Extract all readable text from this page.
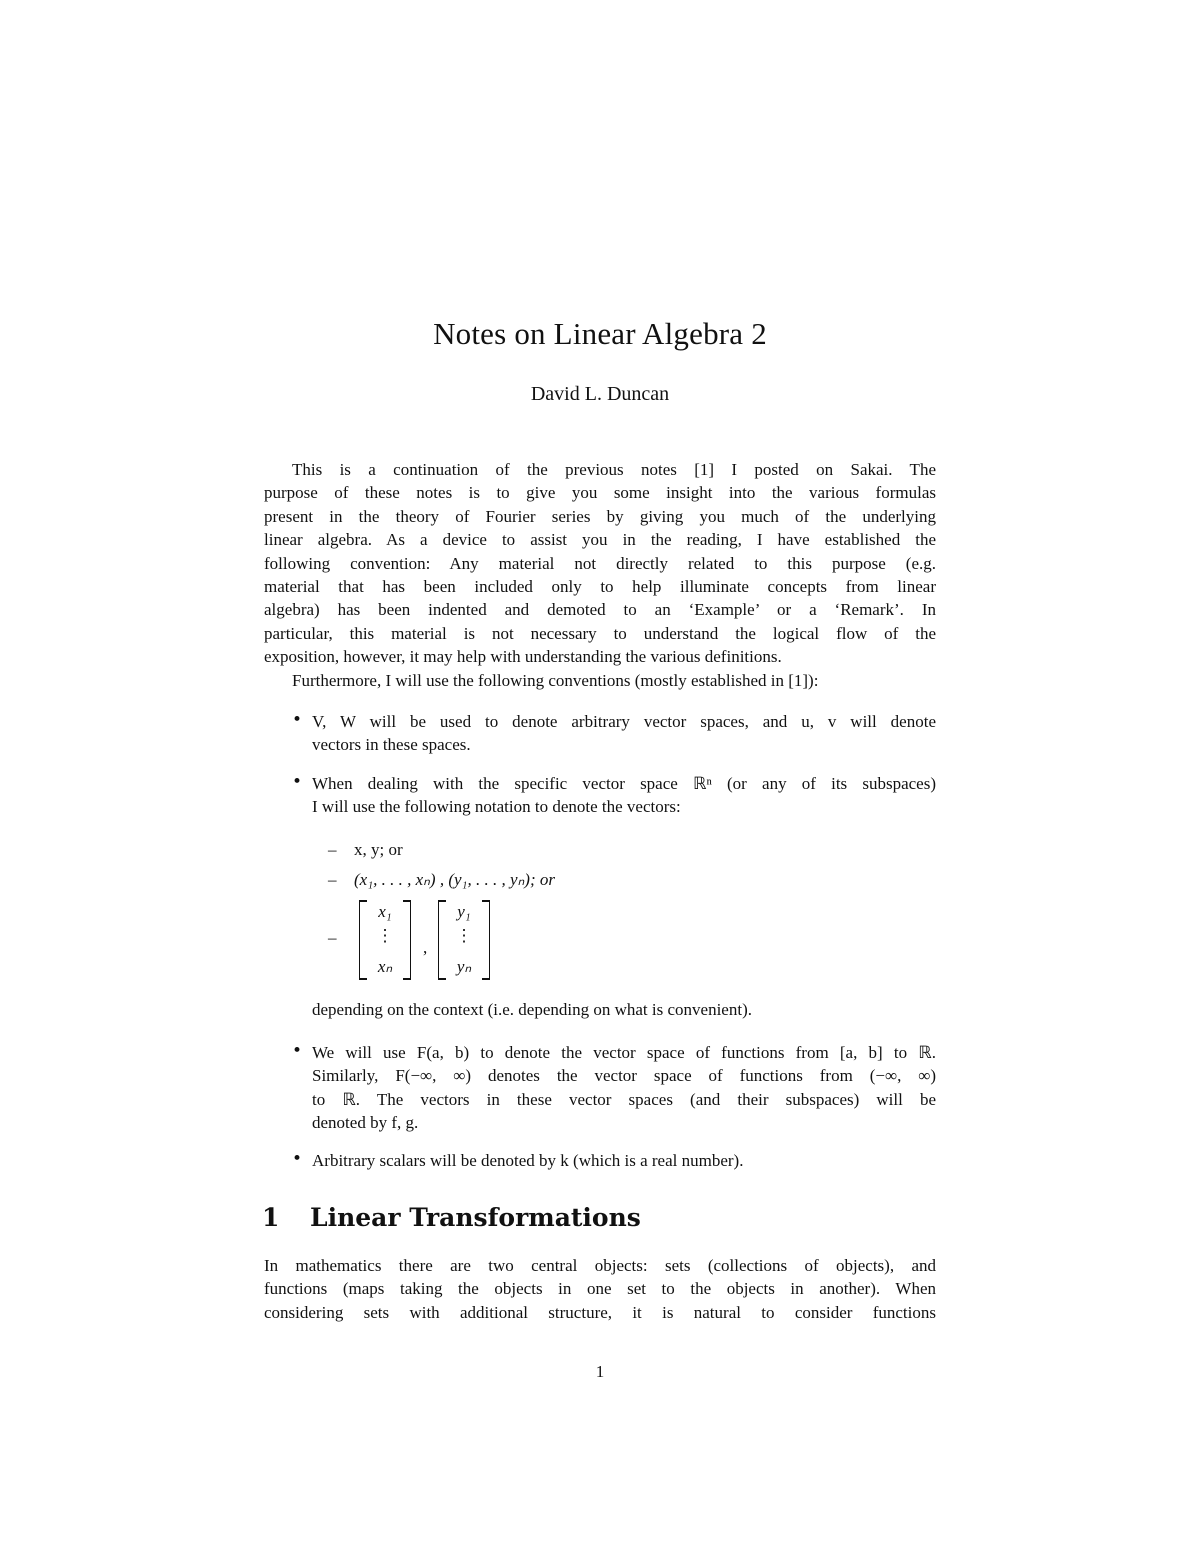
Notes on Linear Algebra 2
David L. Duncan
This is a continuation of the previous notes [1] I posted on Sakai. The
purpose of these notes is to give you some insight into the various formulas
present in the theory of Fourier series by giving you much of the underlying
linear algebra. As a device to assist you in the reading, I have established the
following convention: Any material not directly related to this purpose (e.g.
material that has been included only to help illuminate concepts from linear
algebra) has been indented and demoted to an ‘Example’ or a ‘Remark’. In
particular, this material is not necessary to understand the logical flow of the
exposition, however, it may help with understanding the various definitions.
Furthermore, I will use the following conventions (mostly established in [1]):
• V, W will be used to denote arbitrary vector spaces, and u, v will denote
vectors in these spaces.
• When dealing with the specific vector space ℝⁿ (or any of its subspaces)
I will use the following notation to denote the vectors:
– x, y; or
– (x₁, . . . , xₙ) , (y₁, . . . , yₙ); or
–
x₁
⋮
xₙ
,
y₁
⋮
yₙ
depending on the context (i.e. depending on what is convenient).
• We will use F(a, b) to denote the vector space of functions from [a, b] to ℝ.
Similarly, F(−∞, ∞) denotes the vector space of functions from (−∞, ∞)
to ℝ. The vectors in these vector spaces (and their subspaces) will be
denoted by f, g.
• Arbitrary scalars will be denoted by k (which is a real number).
1 Linear Transformations
In mathematics there are two central objects: sets (collections of objects), and
functions (maps taking the objects in one set to the objects in another). When
considering sets with additional structure, it is natural to consider functions
1
